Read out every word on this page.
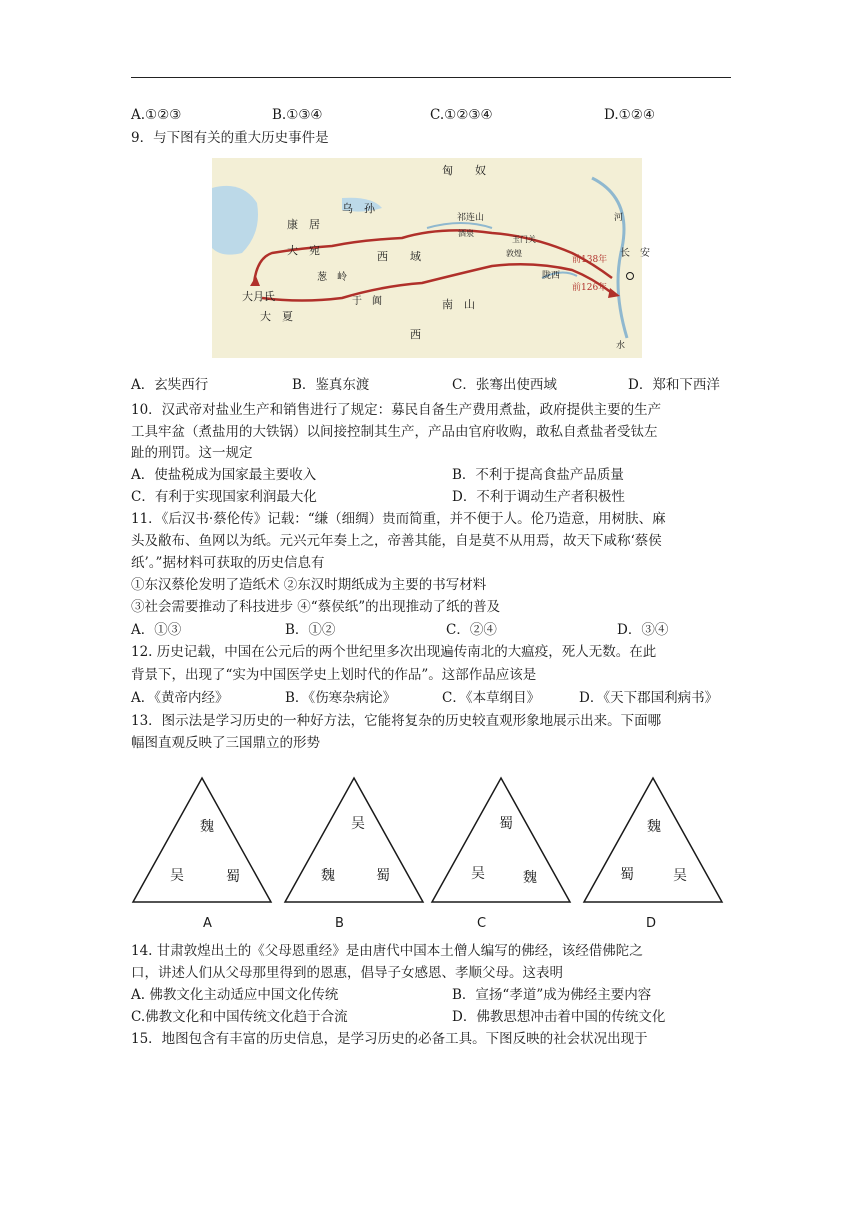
A.①②③	B.①③④	C.①②③④	D.①②④
9．与下图有关的重大历史事件是
匈　　奴
乌　孙
康　居
大　宛
大月氏
大　夏
西　　域
南　山
祁连山
葱　岭
于　阗
西
长　安
陇西
敦煌
玉门关
酒泉
前138年
前126年
河
水
A．玄奘西行	B．鉴真东渡	C．张骞出使西域	D．郑和下西洋
10．汉武帝对盐业生产和销售进行了规定：募民自备生产费用煮盐，政府提供主要的生产
工具牢盆（煮盐用的大铁锅）以间接控制其生产，产品由官府收购，敢私自煮盐者受钛左
趾的刑罚。这一规定
A．使盐税成为国家最主要收入	B．不利于提高食盐产品质量
C．有利于实现国家利润最大化	D．不利于调动生产者积极性
11．《后汉书·蔡伦传》记载：“缣（细绸）贵而简重，并不便于人。伦乃造意，用树肤、麻
头及敝布、鱼网以为纸。元兴元年奏上之，帝善其能，自是莫不从用焉，故天下咸称‘蔡侯
纸’。”据材料可获取的历史信息有
①东汉蔡伦发明了造纸术 ②东汉时期纸成为主要的书写材料
③社会需要推动了科技进步 ④“蔡侯纸”的出现推动了纸的普及
A．①③	B．①②	C．②④	D．③④
12. 历史记载，中国在公元后的两个世纪里多次出现遍传南北的大瘟疫，死人无数。在此
背景下，出现了“实为中国医学史上划时代的作品”。这部作品应该是
A．《黄帝内经》	B．《伤寒杂病论》	C．《本草纲目》	D．《天下郡国利病书》
13．图示法是学习历史的一种好方法，它能将复杂的历史较直观形象地展示出来。下面哪
幅图直观反映了三国鼎立的形势
魏
吴	蜀
吴
魏	蜀
蜀
吴	魏
魏
蜀	吴
A	B	C	D
14. 甘肃敦煌出土的《父母恩重经》是由唐代中国本土僧人编写的佛经，该经借佛陀之
口，讲述人们从父母那里得到的恩惠，倡导子女感恩、孝顺父母。这表明
A. 佛教文化主动适应中国文化传统	B．宣扬“孝道”成为佛经主要内容
C.佛教文化和中国传统文化趋于合流	D．佛教思想冲击着中国的传统文化
15．地图包含有丰富的历史信息，是学习历史的必备工具。下图反映的社会状况出现于
